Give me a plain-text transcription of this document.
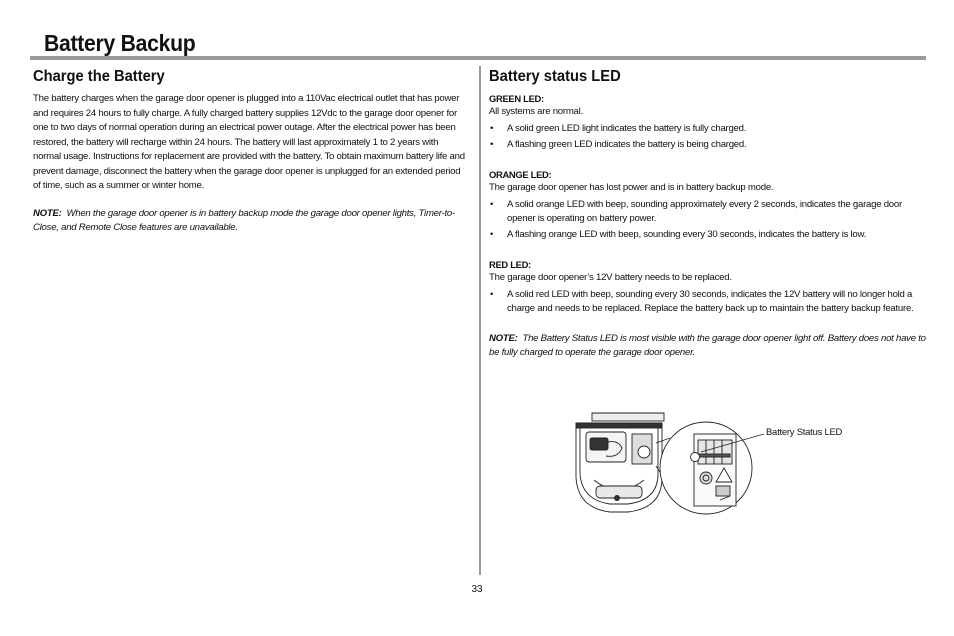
Battery Backup
Charge the Battery

The battery charges when the garage door opener is plugged into a 110Vac electrical outlet that has power and requires 24 hours to fully charge. A fully charged battery supplies 12Vdc to the garage door opener for one to two days of normal operation during an electrical power outage. After the electrical power has been restored, the battery will recharge within 24 hours. The battery will last approximately 1 to 2 years with normal usage. Instructions for replacement are provided with the battery. To obtain maximum battery life and prevent damage, disconnect the battery when the garage door opener is unplugged for an extended period of time, such as a summer or winter home.

NOTE: When the garage door opener is in battery backup mode the garage door opener lights, Timer-to-Close, and Remote Close features are unavailable.

Battery status LED
GREEN LED:

All systems are normal.

• A solid green LED light indicates the battery is fully charged.
• A flashing green LED indicates the battery is being charged.
ORANGE LED:

The garage door opener has lost power and is in battery backup mode.

• A solid orange LED with beep, sounding approximately every 2 seconds, indicates the garage door opener is operating on battery power.
• A flashing orange LED with beep, sounding every 30 seconds, indicates the battery is low.
RED LED:

The garage door opener’s 12V battery needs to be replaced.

• A solid red LED with beep, sounding every 30 seconds, indicates the 12V battery will no longer hold a charge and needs to be replaced. Replace the battery back up to maintain the battery backup feature.

NOTE: The Battery Status LED is most visible with the garage door opener light off. Battery does not have to be fully charged to operate the garage door opener.

Battery Status LED
33
